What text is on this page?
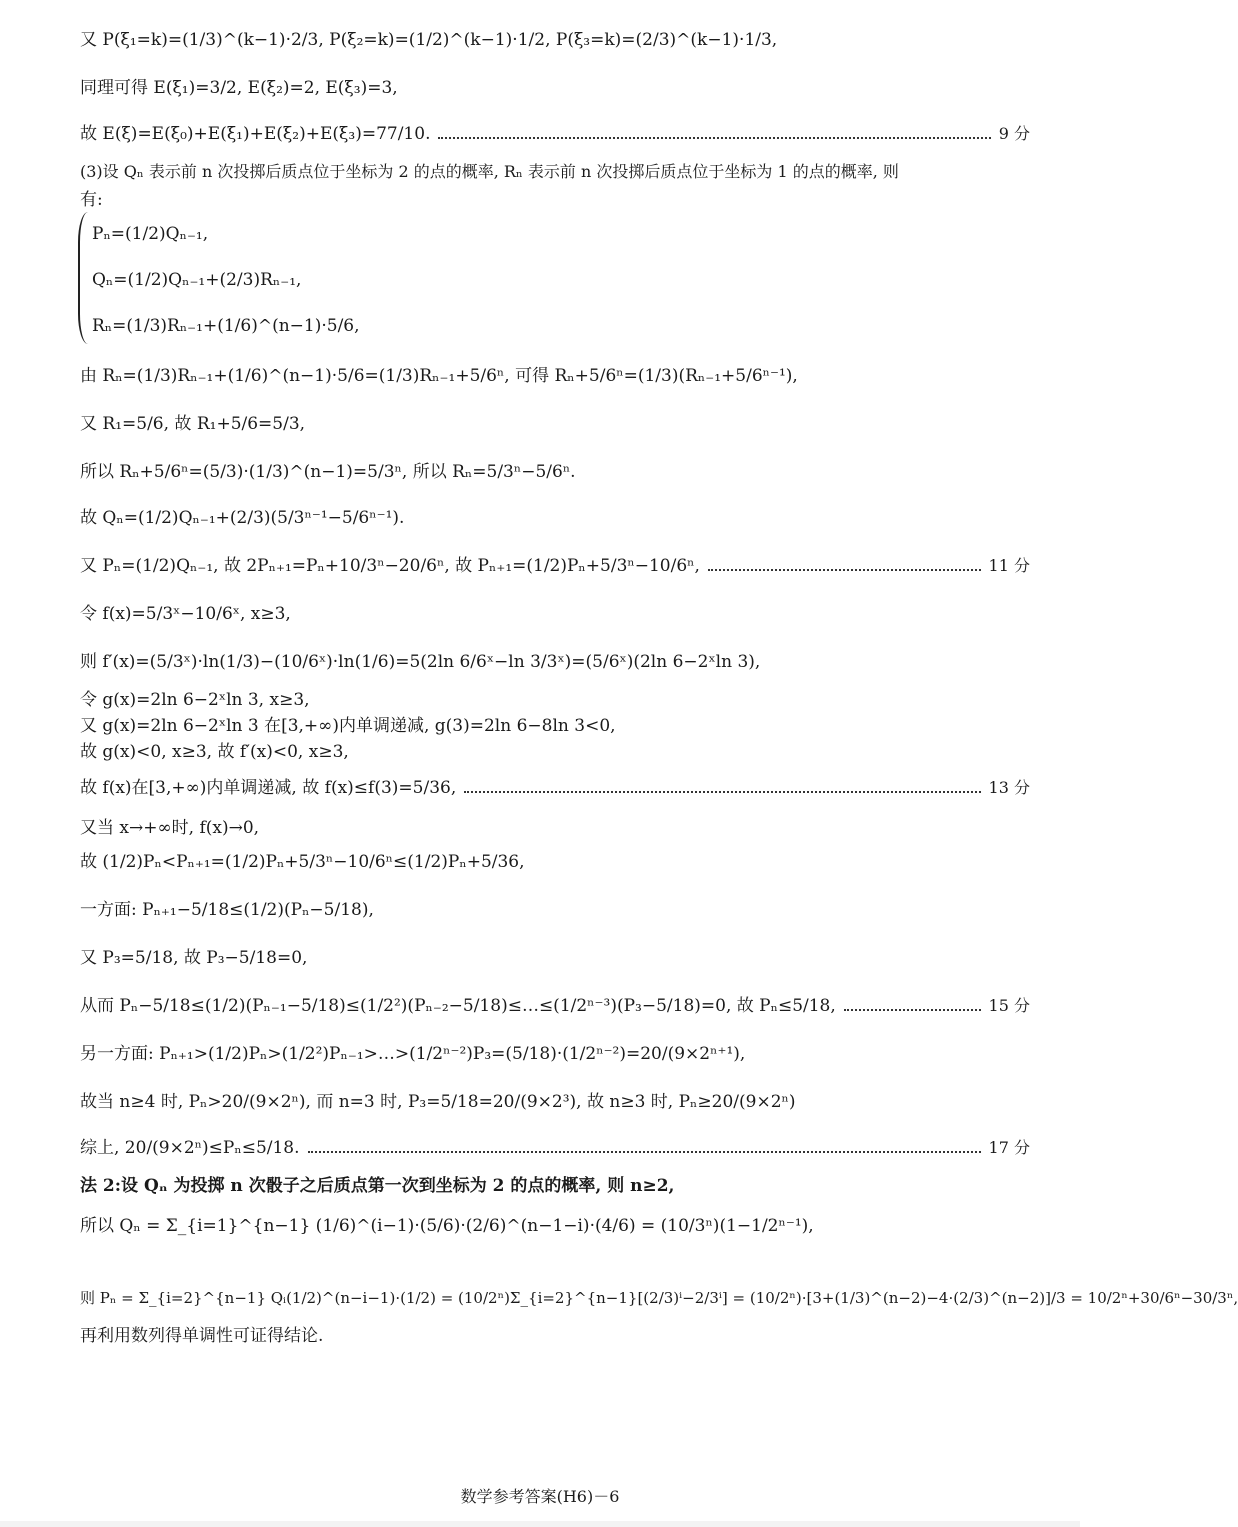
又 P(ξ₁=k)=(1/3)^(k−1)·2/3, P(ξ₂=k)=(1/2)^(k−1)·1/2, P(ξ₃=k)=(2/3)^(k−1)·1/3,
同理可得 E(ξ₁)=3/2, E(ξ₂)=2, E(ξ₃)=3,
故 E(ξ)=E(ξ₀)+E(ξ₁)+E(ξ₂)+E(ξ₃)=77/10.	9 分
(3)设 Qₙ 表示前 n 次投掷后质点位于坐标为 2 的点的概率, Rₙ 表示前 n 次投掷后质点位于坐标为 1 的点的概率, 则
有:
Pₙ=(1/2)Qₙ₋₁,
Qₙ=(1/2)Qₙ₋₁+(2/3)Rₙ₋₁,
Rₙ=(1/3)Rₙ₋₁+(1/6)^(n−1)·5/6,
由 Rₙ=(1/3)Rₙ₋₁+(1/6)^(n−1)·5/6=(1/3)Rₙ₋₁+5/6ⁿ, 可得 Rₙ+5/6ⁿ=(1/3)(Rₙ₋₁+5/6ⁿ⁻¹),
又 R₁=5/6, 故 R₁+5/6=5/3,
所以 Rₙ+5/6ⁿ=(5/3)·(1/3)^(n−1)=5/3ⁿ, 所以 Rₙ=5/3ⁿ−5/6ⁿ.
故 Qₙ=(1/2)Qₙ₋₁+(2/3)(5/3ⁿ⁻¹−5/6ⁿ⁻¹).
又 Pₙ=(1/2)Qₙ₋₁, 故 2Pₙ₊₁=Pₙ+10/3ⁿ−20/6ⁿ, 故 Pₙ₊₁=(1/2)Pₙ+5/3ⁿ−10/6ⁿ,	11 分
令 f(x)=5/3ˣ−10/6ˣ, x≥3,
则 f′(x)=(5/3ˣ)·ln(1/3)−(10/6ˣ)·ln(1/6)=5(2ln 6/6ˣ−ln 3/3ˣ)=(5/6ˣ)(2ln 6−2ˣln 3),
令 g(x)=2ln 6−2ˣln 3, x≥3,
又 g(x)=2ln 6−2ˣln 3 在[3,+∞)内单调递减, g(3)=2ln 6−8ln 3<0,
故 g(x)<0, x≥3, 故 f′(x)<0, x≥3,
故 f(x)在[3,+∞)内单调递减, 故 f(x)≤f(3)=5/36,	13 分
又当 x→+∞时, f(x)→0,
故 (1/2)Pₙ<Pₙ₊₁=(1/2)Pₙ+5/3ⁿ−10/6ⁿ≤(1/2)Pₙ+5/36,
一方面: Pₙ₊₁−5/18≤(1/2)(Pₙ−5/18),
又 P₃=5/18, 故 P₃−5/18=0,
从而 Pₙ−5/18≤(1/2)(Pₙ₋₁−5/18)≤(1/2²)(Pₙ₋₂−5/18)≤…≤(1/2ⁿ⁻³)(P₃−5/18)=0, 故 Pₙ≤5/18,	15 分
另一方面: Pₙ₊₁>(1/2)Pₙ>(1/2²)Pₙ₋₁>…>(1/2ⁿ⁻²)P₃=(5/18)·(1/2ⁿ⁻²)=20/(9×2ⁿ⁺¹),
故当 n≥4 时, Pₙ>20/(9×2ⁿ), 而 n=3 时, P₃=5/18=20/(9×2³), 故 n≥3 时, Pₙ≥20/(9×2ⁿ)
综上, 20/(9×2ⁿ)≤Pₙ≤5/18.	17 分
法 2:设 Qₙ 为投掷 n 次骰子之后质点第一次到坐标为 2 的点的概率, 则 n≥2,
所以 Qₙ = Σ_{i=1}^{n−1} (1/6)^(i−1)·(5/6)·(2/6)^(n−1−i)·(4/6) = (10/3ⁿ)(1−1/2ⁿ⁻¹),
则 Pₙ = Σ_{i=2}^{n−1} Qᵢ(1/2)^(n−i−1)·(1/2) = (10/2ⁿ)Σ_{i=2}^{n−1}[(2/3)ⁱ−2/3ⁱ] = (10/2ⁿ)·[3+(1/3)^(n−2)−4·(2/3)^(n−2)]/3 = 10/2ⁿ+30/6ⁿ−30/3ⁿ,
再利用数列得单调性可证得结论.
数学参考答案(H6)－6
